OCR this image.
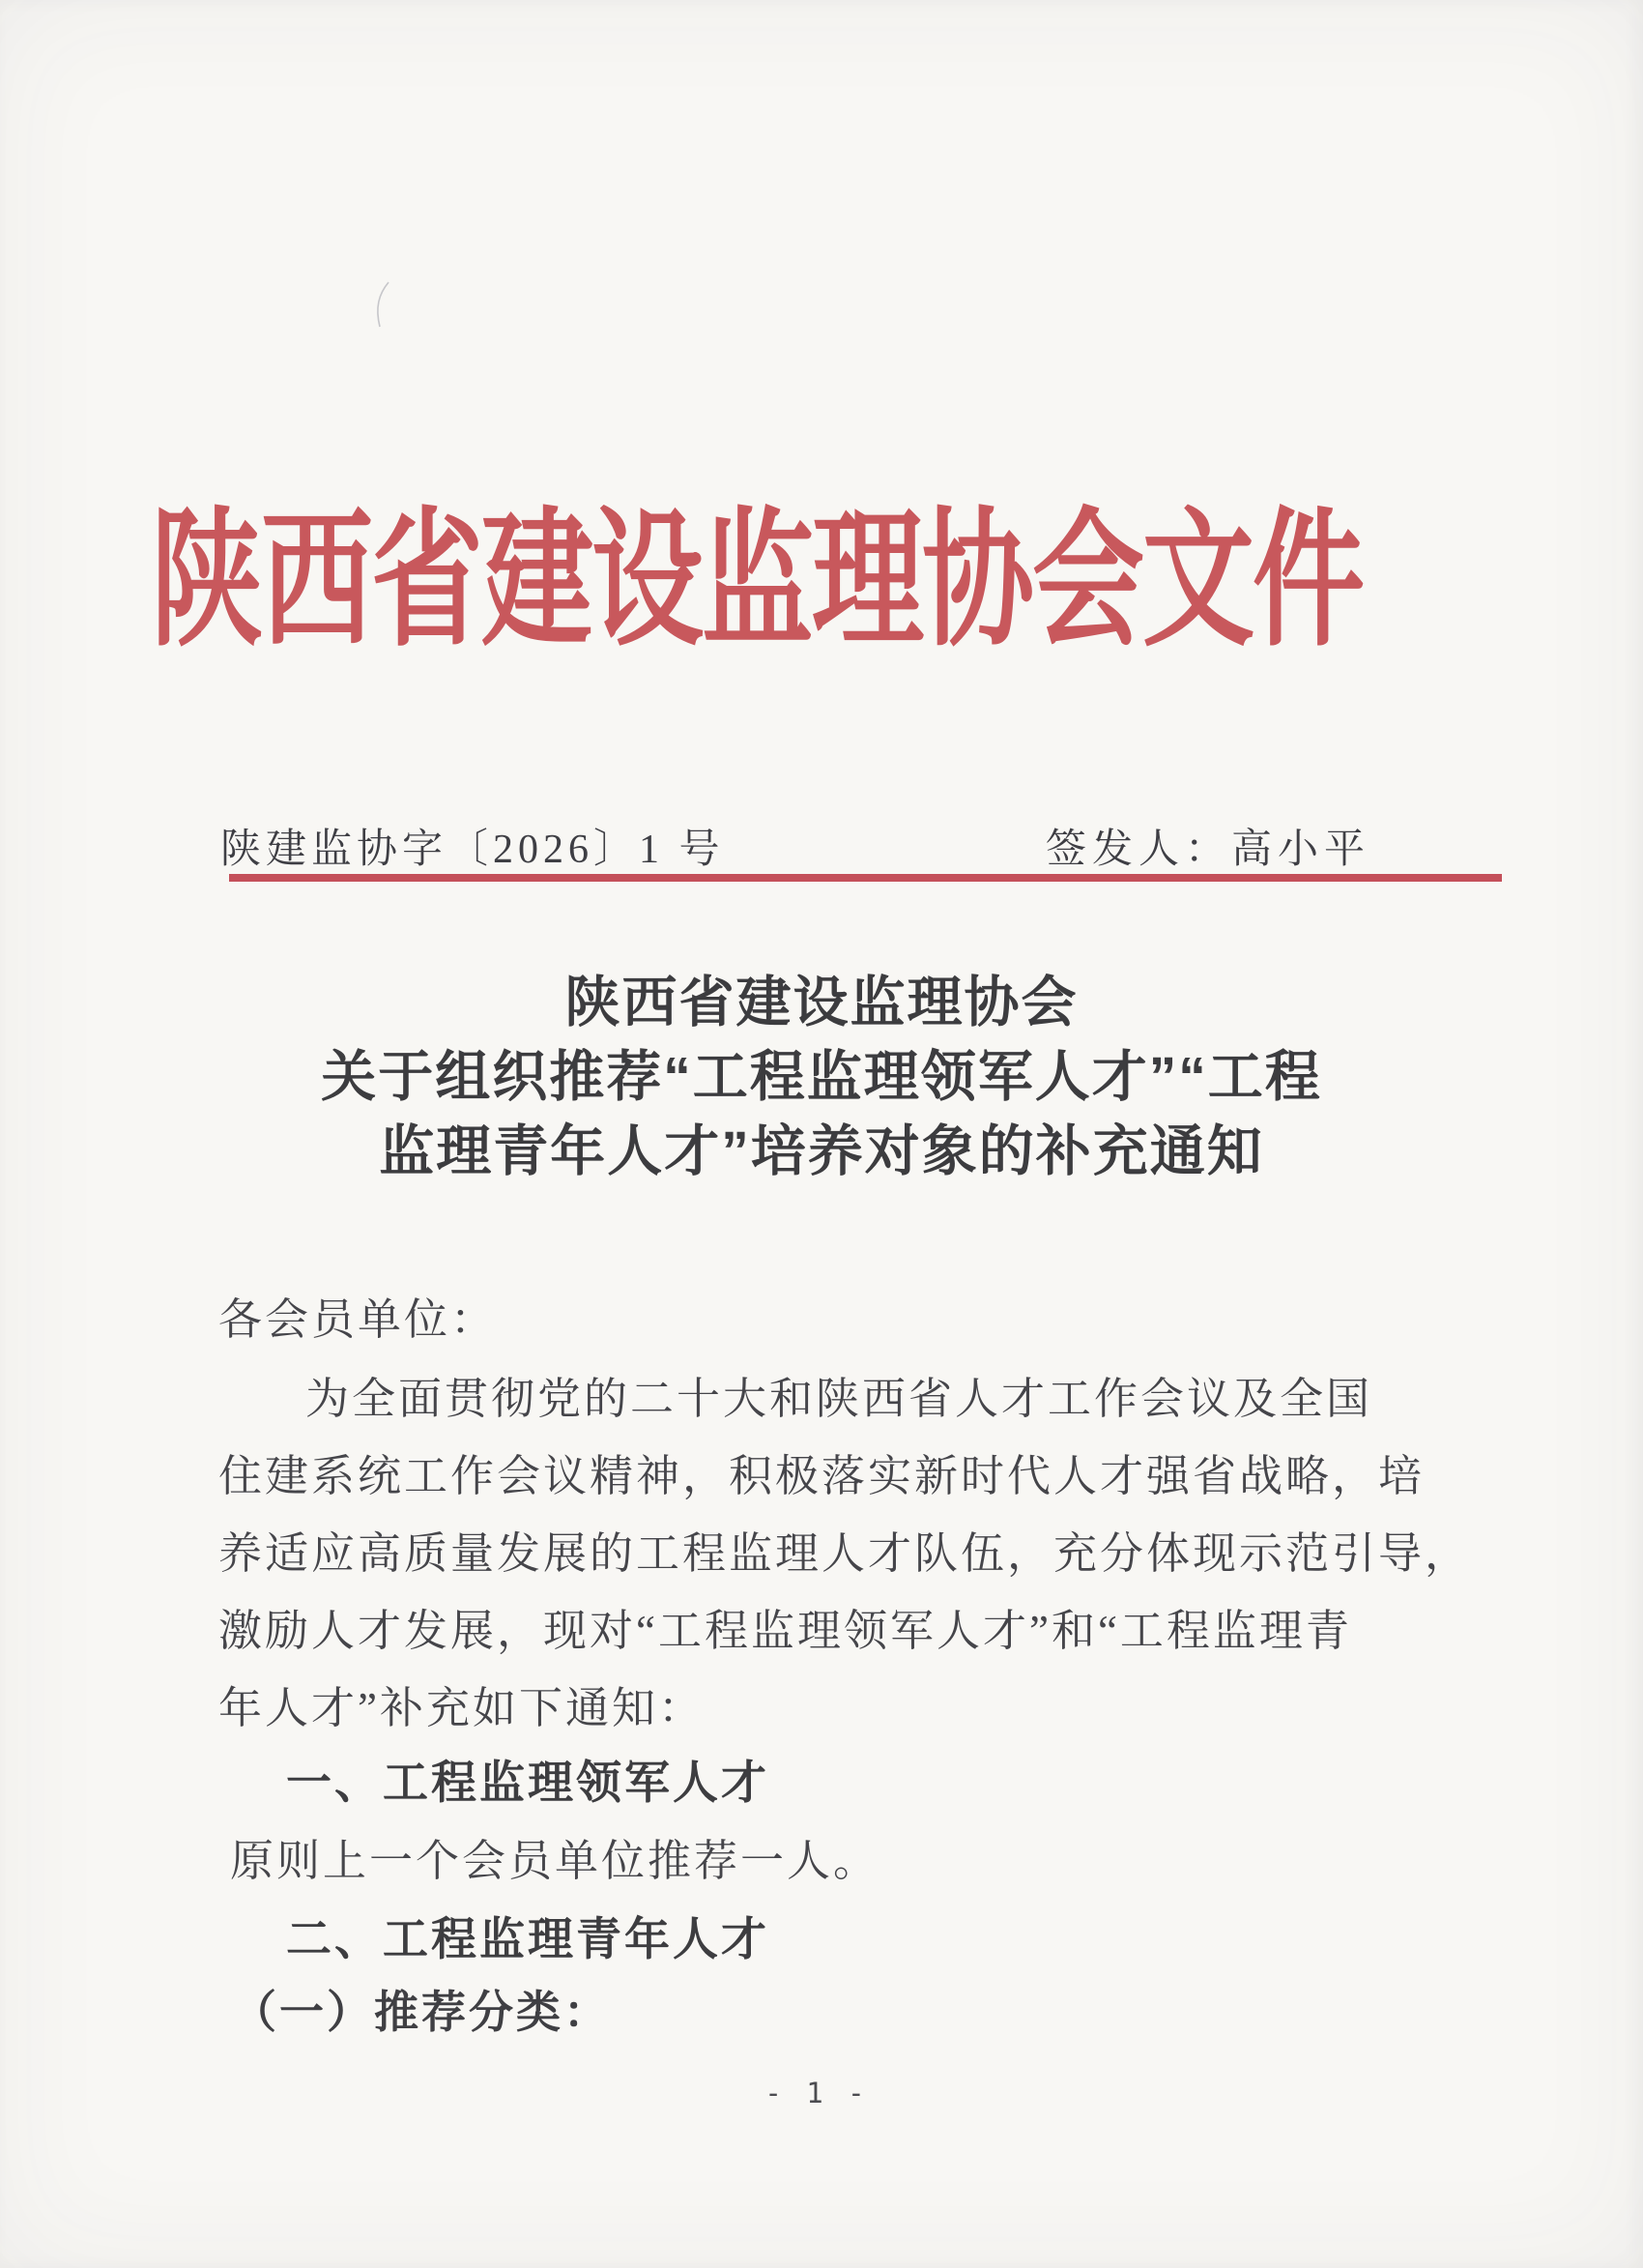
陕西省建设监理协会文件
陕建监协字〔2026〕1 号	签发人：高小平
陕西省建设监理协会
关于组织推荐“工程监理领军人才”“工程
监理青年人才”培养对象的补充通知
各会员单位：
为全面贯彻党的二十大和陕西省人才工作会议及全国
住建系统工作会议精神，积极落实新时代人才强省战略，培
养适应高质量发展的工程监理人才队伍，充分体现示范引导，
激励人才发展，现对“工程监理领军人才”和“工程监理青
年人才”补充如下通知：
一、工程监理领军人才
原则上一个会员单位推荐一人。
二、工程监理青年人才
（一）推荐分类：
- 1 -
